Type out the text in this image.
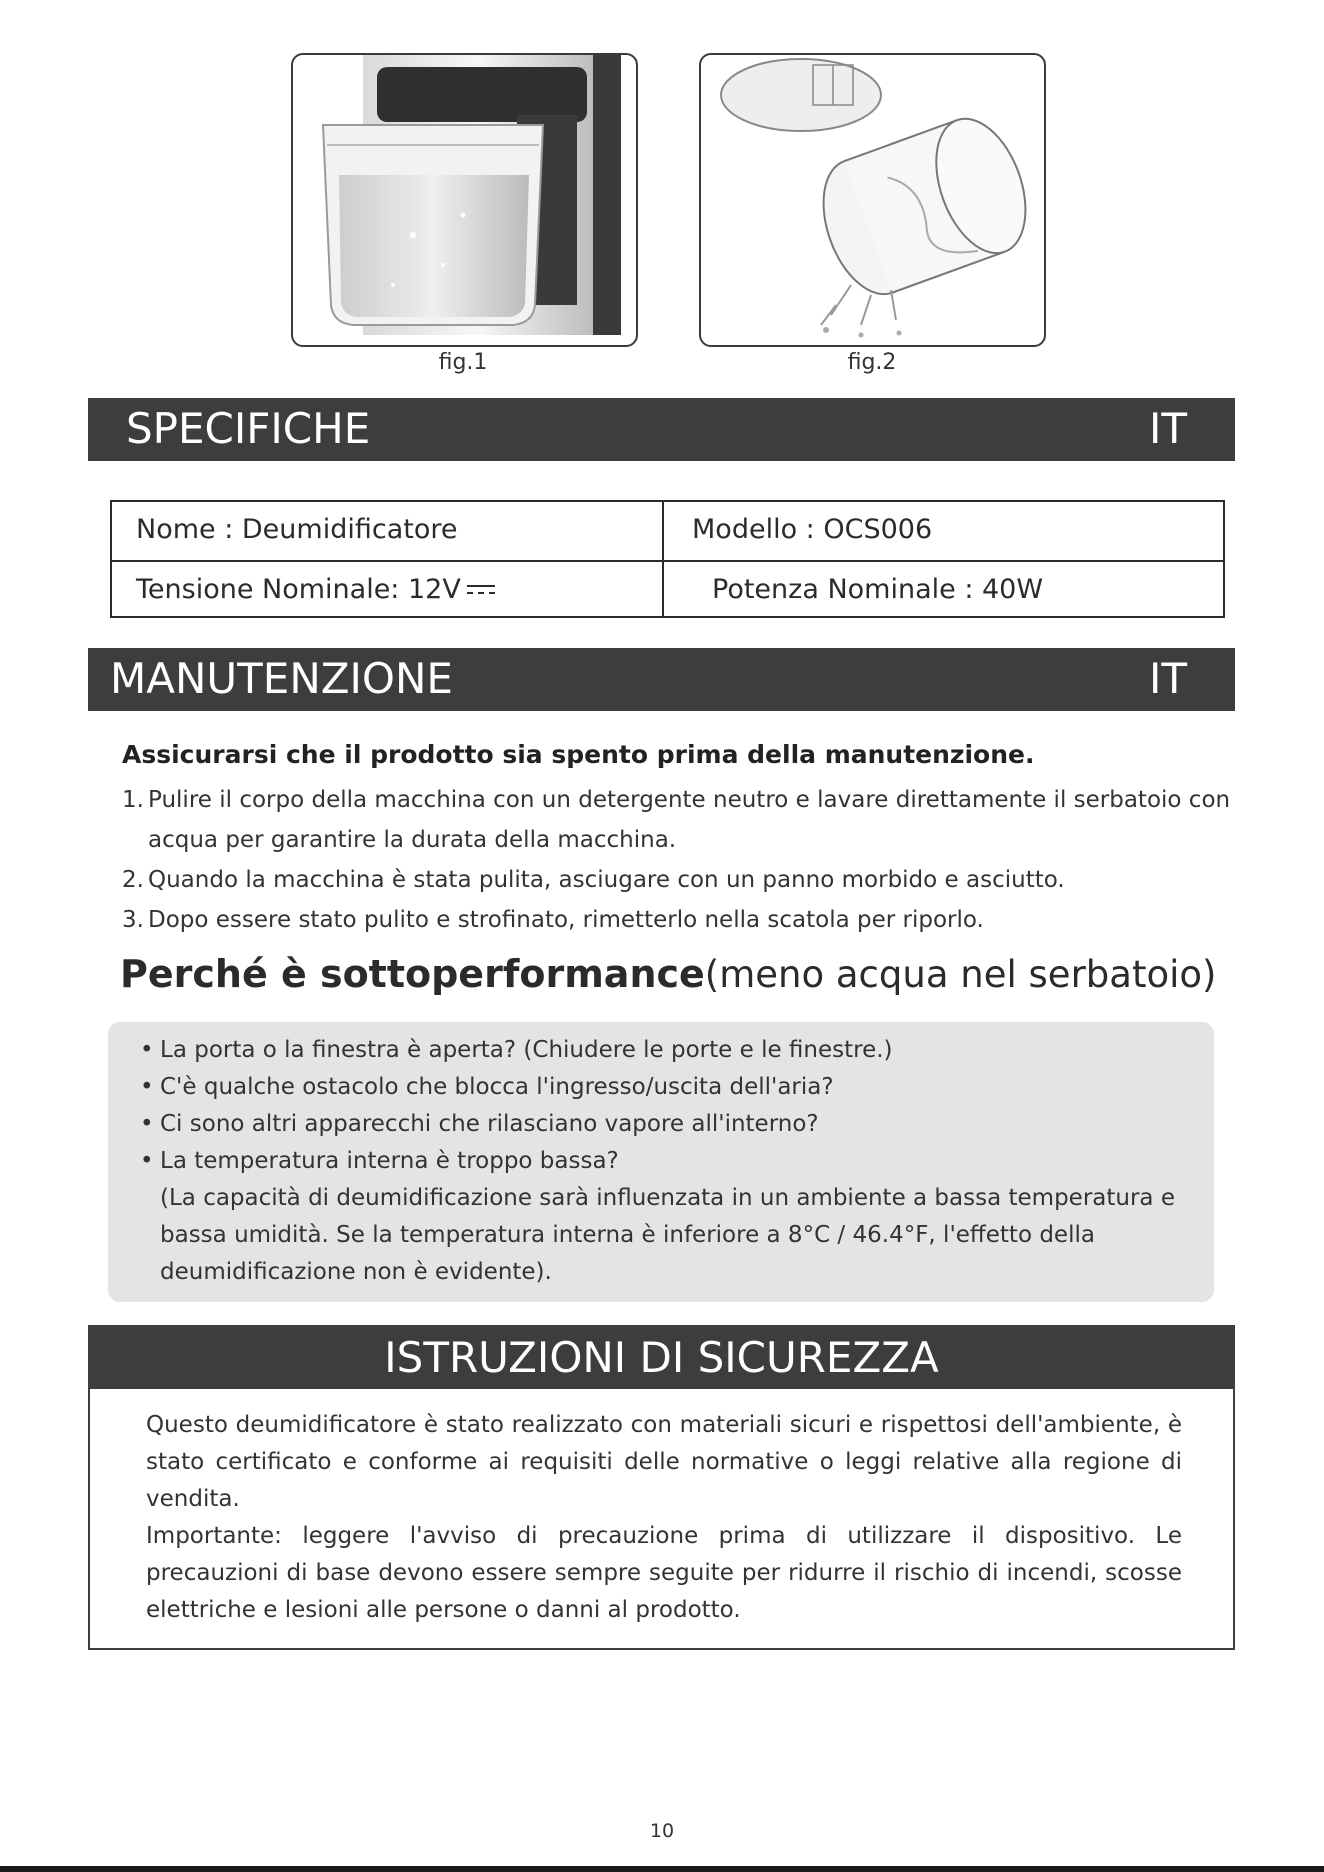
fig.1	fig.2
SPECIFICHE	IT
Nome : Deumidificatore	Modello : OCS006
Tensione Nominale: 12V	Potenza Nominale : 40W
MANUTENZIONE	IT
Assicurarsi che il prodotto sia spento prima della manutenzione.
1. Pulire il corpo della macchina con un detergente neutro e lavare direttamente il serbatoio con acqua per garantire la durata della macchina.
2. Quando la macchina è stata pulita, asciugare con un panno morbido e asciutto.
3. Dopo essere stato pulito e strofinato, rimetterlo nella scatola per riporlo.
Perché è sottoperformance(meno acqua nel serbatoio)
• La porta o la finestra è aperta? (Chiudere le porte e le finestre.)
• C'è qualche ostacolo che blocca l'ingresso/uscita dell'aria?
• Ci sono altri apparecchi che rilasciano vapore all'interno?
• La temperatura interna è troppo bassa?
(La capacità di deumidificazione sarà influenzata in un ambiente a bassa temperatura e bassa umidità. Se la temperatura interna è inferiore a 8°C / 46.4°F, l'effetto della deumidificazione non è evidente).
ISTRUZIONI DI SICUREZZA
Questo deumidificatore è stato realizzato con materiali sicuri e rispettosi dell'ambiente, è stato certificato e conforme ai requisiti delle normative o leggi relative alla regione di vendita.
Importante: leggere l'avviso di precauzione prima di utilizzare il dispositivo. Le precauzioni di base devono essere sempre seguite per ridurre il rischio di incendi, scosse elettriche e lesioni alle persone o danni al prodotto.
10
